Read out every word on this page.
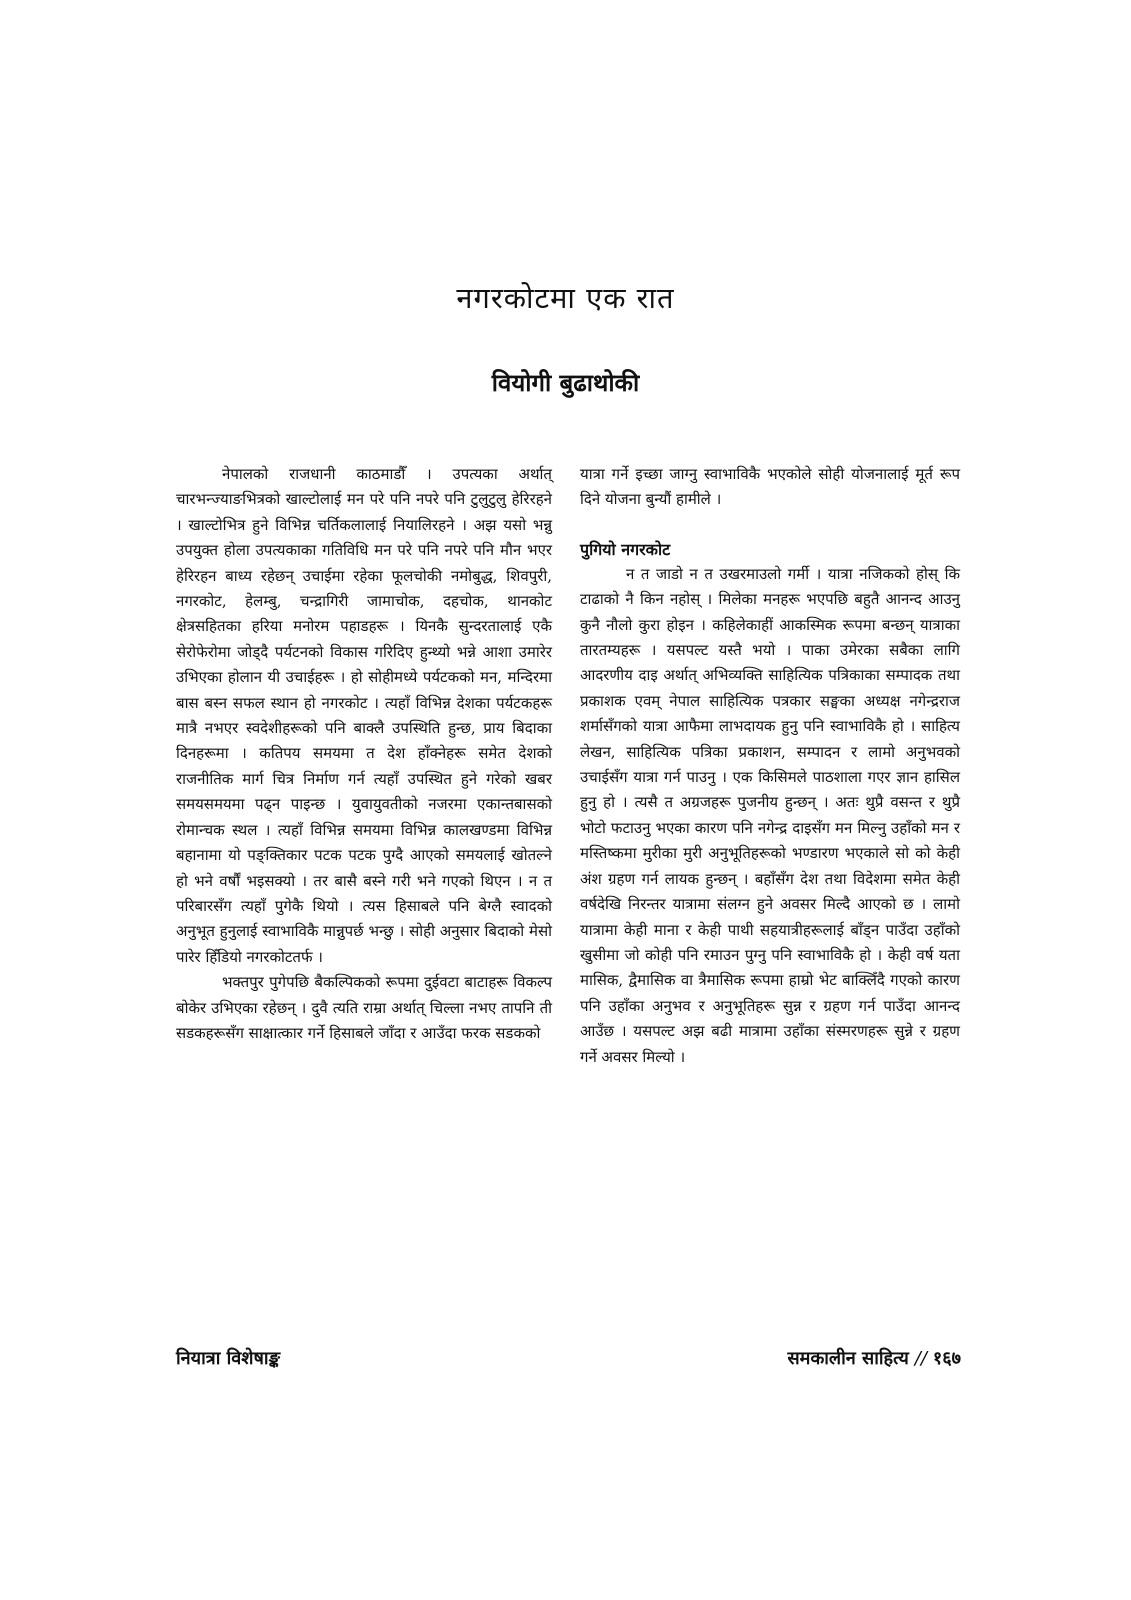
नगरकोटमा एक रात
वियोगी बुढाथोकी

नेपालको राजधानी काठमाडौँ । उपत्यका अर्थात् चारभन्ज्याङभित्रको खाल्टोलाई मन परे पनि नपरे पनि टुलुटुलु हेरिरहने । खाल्टोभित्र हुने विभिन्न चर्तिकलालाई नियालिरहने । अझ यसो भन्नु उपयुक्त होला उपत्यकाका गतिविधि मन परे पनि नपरे पनि मौन भएर हेरिरहन बाध्य रहेछन् उचाईमा रहेका फूलचोकी नमोबुद्ध, शिवपुरी, नगरकोट, हेलम्बु, चन्द्रागिरी जामाचोक, दहचोक, थानकोट क्षेत्रसहितका हरिया मनोरम पहाडहरू । यिनकै सुन्दरतालाई एकै सेरोफेरोमा जोड्दै पर्यटनको विकास गरिदिए हुन्थ्यो भन्ने आशा उमारेर उभिएका होलान यी उचाईहरू । हो सोहीमध्ये पर्यटकको मन, मन्दिरमा बास बस्न सफल स्थान हो नगरकोट । त्यहाँ विभिन्न देशका पर्यटकहरू मात्रै नभएर स्वदेशीहरूको पनि बाक्लै उपस्थिति हुन्छ, प्राय बिदाका दिनहरूमा । कतिपय समयमा त देश हाँक्नेहरू समेत देशको राजनीतिक मार्ग चित्र निर्माण गर्न त्यहाँ उपस्थित हुने गरेको खबर समयसमयमा पढ्न पाइन्छ । युवायुवतीको नजरमा एकान्तबासको रोमान्चक स्थल । त्यहाँ विभिन्न समयमा विभिन्न कालखण्डमा विभिन्न बहानामा यो पङ्क्तिकार पटक पटक पुग्दै आएको समयलाई खोतल्ने हो भने वर्षौं भइसक्यो । तर बासै बस्ने गरी भने गएको थिएन । न त परिबारसँग त्यहाँ पुगेकै थियो । त्यस हिसाबले पनि बेग्लै स्वादको अनुभूत हुनुलाई स्वाभाविकै मान्नुपर्छ भन्छु । सोही अनुसार बिदाको मेसो पारेर हिँडियो नगरकोटतर्फ ।

भक्तपुर पुगेपछि बैकल्पिकको रूपमा दुईवटा बाटाहरू विकल्प बोकेर उभिएका रहेछन् । दुवै त्यति राम्रा अर्थात् चिल्ला नभए तापनि ती सडकहरूसँग साक्षात्कार गर्ने हिसाबले जाँदा र आउँदा फरक सडकको

यात्रा गर्ने इच्छा जाग्नु स्वाभाविकै भएकोले सोही योजनालाई मूर्त रूप दिने योजना बुन्यौं हामीले ।

पुगियो नगरकोट

न त जाडो न त उखरमाउलो गर्मी । यात्रा नजिकको होस् कि टाढाको नै किन नहोस् । मिलेका मनहरू भएपछि बहुतै आनन्द आउनु कुनै नौलो कुरा होइन । कहिलेकाहीं आकस्मिक रूपमा बन्छन् यात्राका तारतम्यहरू । यसपल्ट यस्तै भयो । पाका उमेरका सबैका लागि आदरणीय दाइ अर्थात् अभिव्यक्ति साहित्यिक पत्रिकाका सम्पादक तथा प्रकाशक एवम् नेपाल साहित्यिक पत्रकार सङ्घका अध्यक्ष नगेन्द्रराज शर्मासँगको यात्रा आफैमा लाभदायक हुनु पनि स्वाभाविकै हो । साहित्य लेखन, साहित्यिक पत्रिका प्रकाशन, सम्पादन र लामो अनुभवको उचाईसँग यात्रा गर्न पाउनु । एक किसिमले पाठशाला गएर ज्ञान हासिल हुनु हो । त्यसै त अग्रजहरू पुजनीय हुन्छन् । अतः थुप्रै वसन्त र थुप्रै भोटो फटाउनु भएका कारण पनि नगेन्द्र दाइसँग मन मिल्नु उहाँको मन र मस्तिष्कमा मुरीका मुरी अनुभूतिहरूको भण्डारण भएकाले सो को केही अंश ग्रहण गर्न लायक हुन्छन् । बहाँसँग देश तथा विदेशमा समेत केही वर्षदेखि निरन्तर यात्रामा संलग्न हुने अवसर मिल्दै आएको छ । लामो यात्रामा केही माना र केही पाथी सहयात्रीहरूलाई बाँड्न पाउँदा उहाँको खुसीमा जो कोही पनि रमाउन पुग्नु पनि स्वाभाविकै हो । केही वर्ष यता मासिक, द्वैमासिक वा त्रैमासिक रूपमा हाम्रो भेट बाक्लिँदै गएको कारण पनि उहाँका अनुभव र अनुभूतिहरू सुन्न र ग्रहण गर्न पाउँदा आनन्द आउँछ । यसपल्ट अझ बढी मात्रामा उहाँका संस्मरणहरू सुन्ने र ग्रहण गर्ने अवसर मिल्यो ।

नियात्रा विशेषाङ्क	समकालीन साहित्य // १६७
